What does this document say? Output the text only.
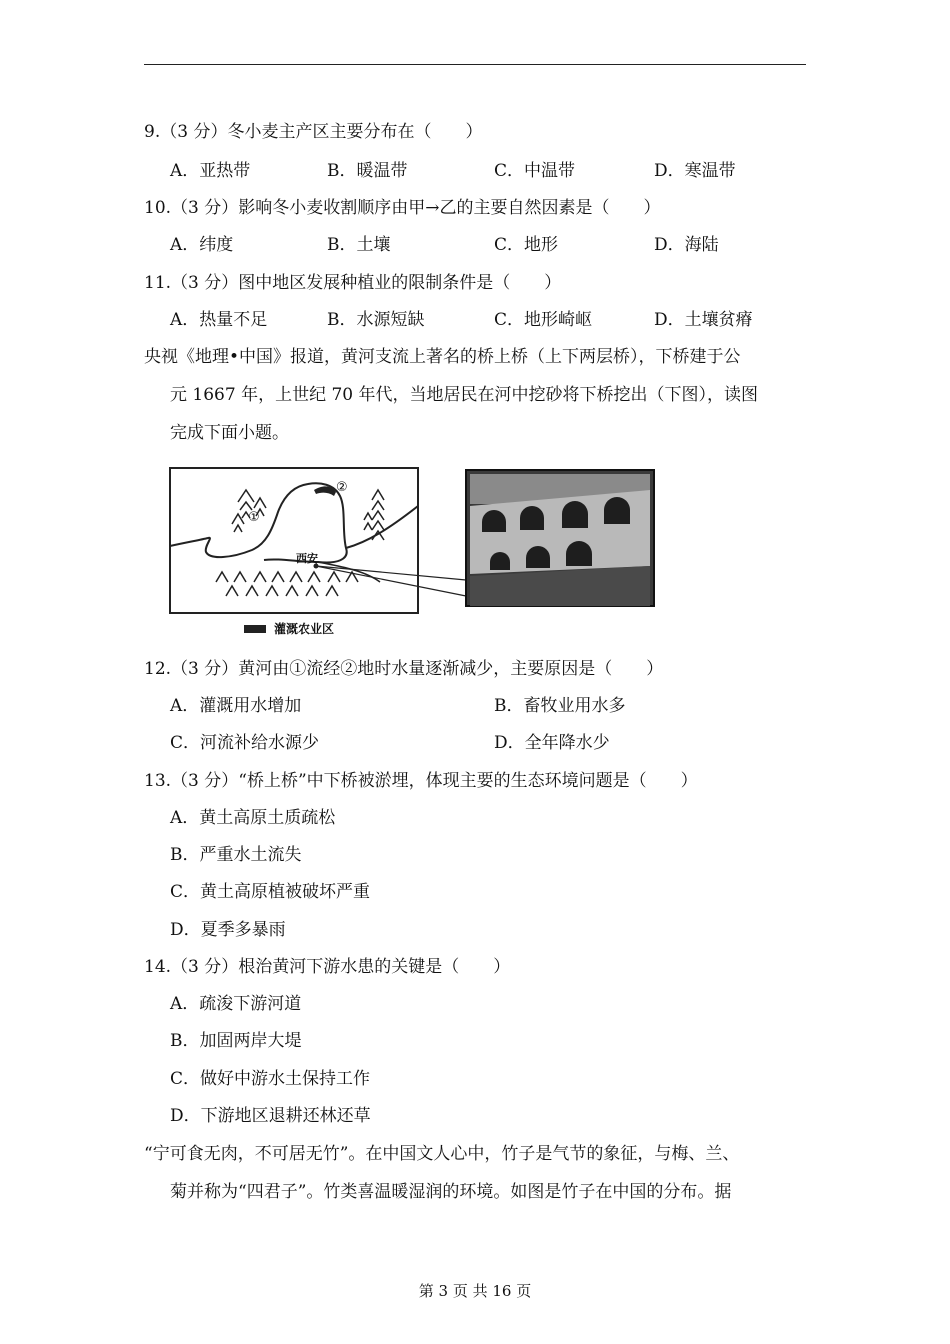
9.（3 分）冬小麦主产区主要分布在（　　）
A．亚热带	B．暖温带	C．中温带	D．寒温带
10.（3 分）影响冬小麦收割顺序由甲→乙的主要自然因素是（　　）
A．纬度	B．土壤	C．地形	D．海陆
11.（3 分）图中地区发展种植业的限制条件是（　　）
A．热量不足	B．水源短缺	C．地形崎岖	D．土壤贫瘠
央视《地理•中国》报道，黄河支流上著名的桥上桥（上下两层桥），下桥建于公
元 1667 年，上世纪 70 年代，当地居民在河中挖砂将下桥挖出（下图），读图
完成下面小题。
西安
①
②
灌溉农业区
12.（3 分）黄河由①流经②地时水量逐渐减少，主要原因是（　　）
A．灌溉用水增加	B．畜牧业用水多
C．河流补给水源少	D．全年降水少
13.（3 分）“桥上桥”中下桥被淤埋，体现主要的生态环境问题是（　　）
A．黄土高原土质疏松
B．严重水土流失
C．黄土高原植被破坏严重
D．夏季多暴雨
14.（3 分）根治黄河下游水患的关键是（　　）
A．疏浚下游河道
B．加固两岸大堤
C．做好中游水土保持工作
D．下游地区退耕还林还草
“宁可食无肉，不可居无竹”。在中国文人心中，竹子是气节的象征，与梅、兰、
菊并称为“四君子”。竹类喜温暖湿润的环境。如图是竹子在中国的分布。据
第 3 页 共 16 页
